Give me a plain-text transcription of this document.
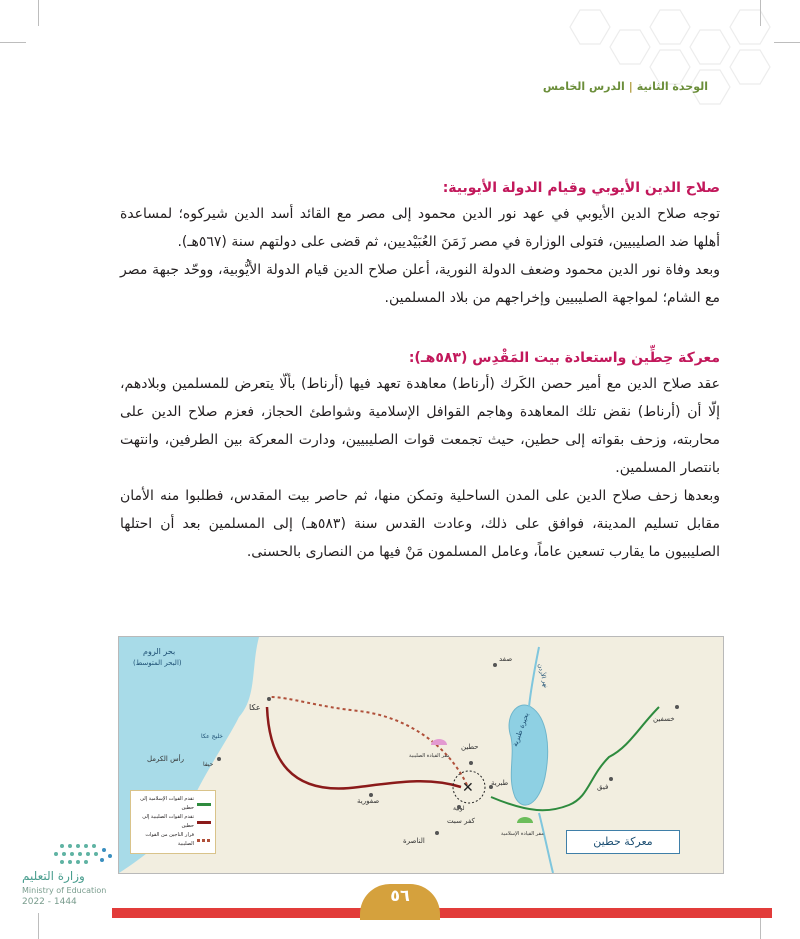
الوحدة الثانية|الدرس الخامس

صلاح الدين الأيوبي وقيام الدولة الأيوبية:

توجه صلاح الدين الأيوبي في عهد نور الدين محمود إلى مصر مع القائد أسد الدين شيركوه؛ لمساعدة أهلها ضد الصليبيين، فتولى الوزارة في مصر زَمَنَ العُبَيْديين، ثم قضى على دولتهم سنة (٥٦٧هـ).

وبعد وفاة نور الدين محمود وضعف الدولة النورية، أعلن صلاح الدين قيام الدولة الأيُّوبية، ووحّد جبهة مصر مع الشام؛ لمواجهة الصليبيين وإخراجهم من بلاد المسلمين.

معركة حِطِّين واستعادة بيت المَقْدِس (٥٨٣هـ):

عقد صلاح الدين مع أمير حصن الكَرك (أرناط) معاهدة تعهد فيها (أرناط) بألّا يتعرض للمسلمين وبلادهم، إلّا أن (أرناط) نقض تلك المعاهدة وهاجم القوافل الإسلامية وشواطئ الحجاز، فعزم صلاح الدين على محاربته، وزحف بقواته إلى حطين، حيث تجمعت قوات الصليبيين، ودارت المعركة بين الطرفين، وانتهت بانتصار المسلمين.

وبعدها زحف صلاح الدين على المدن الساحلية وتمكن منها، ثم حاصر بيت المقدس، فطلبوا منه الأمان مقابل تسليم المدينة، فوافق على ذلك، وعادت القدس سنة (٥٨٣هـ) إلى المسلمين بعد أن احتلها الصليبيون ما يقارب تسعين عاماً، وعامل المسلمون مَنْ فيها من النصارى بالحسنى.

✕
بحر الروم
(البحر المتوسط)	صفد
عكا
خليج عكا
رأس الكرمل
حيفا
حطين
طبرية
لوبية
صفورية
الناصرة
كفر سبت
بحيرة طبرية
نهر الأردن
خسفين
فيق
مقر القيادة الصليبية
مقر القيادة الإسلامية
تقدم القوات الإسلامية إلى حطين
تقدم القوات الصليبية إلى حطين
فرار الناجين من القوات الصليبية	معركة حطين
وزارة التعليم
Ministry of Education
2022 - 1444	٥٦
